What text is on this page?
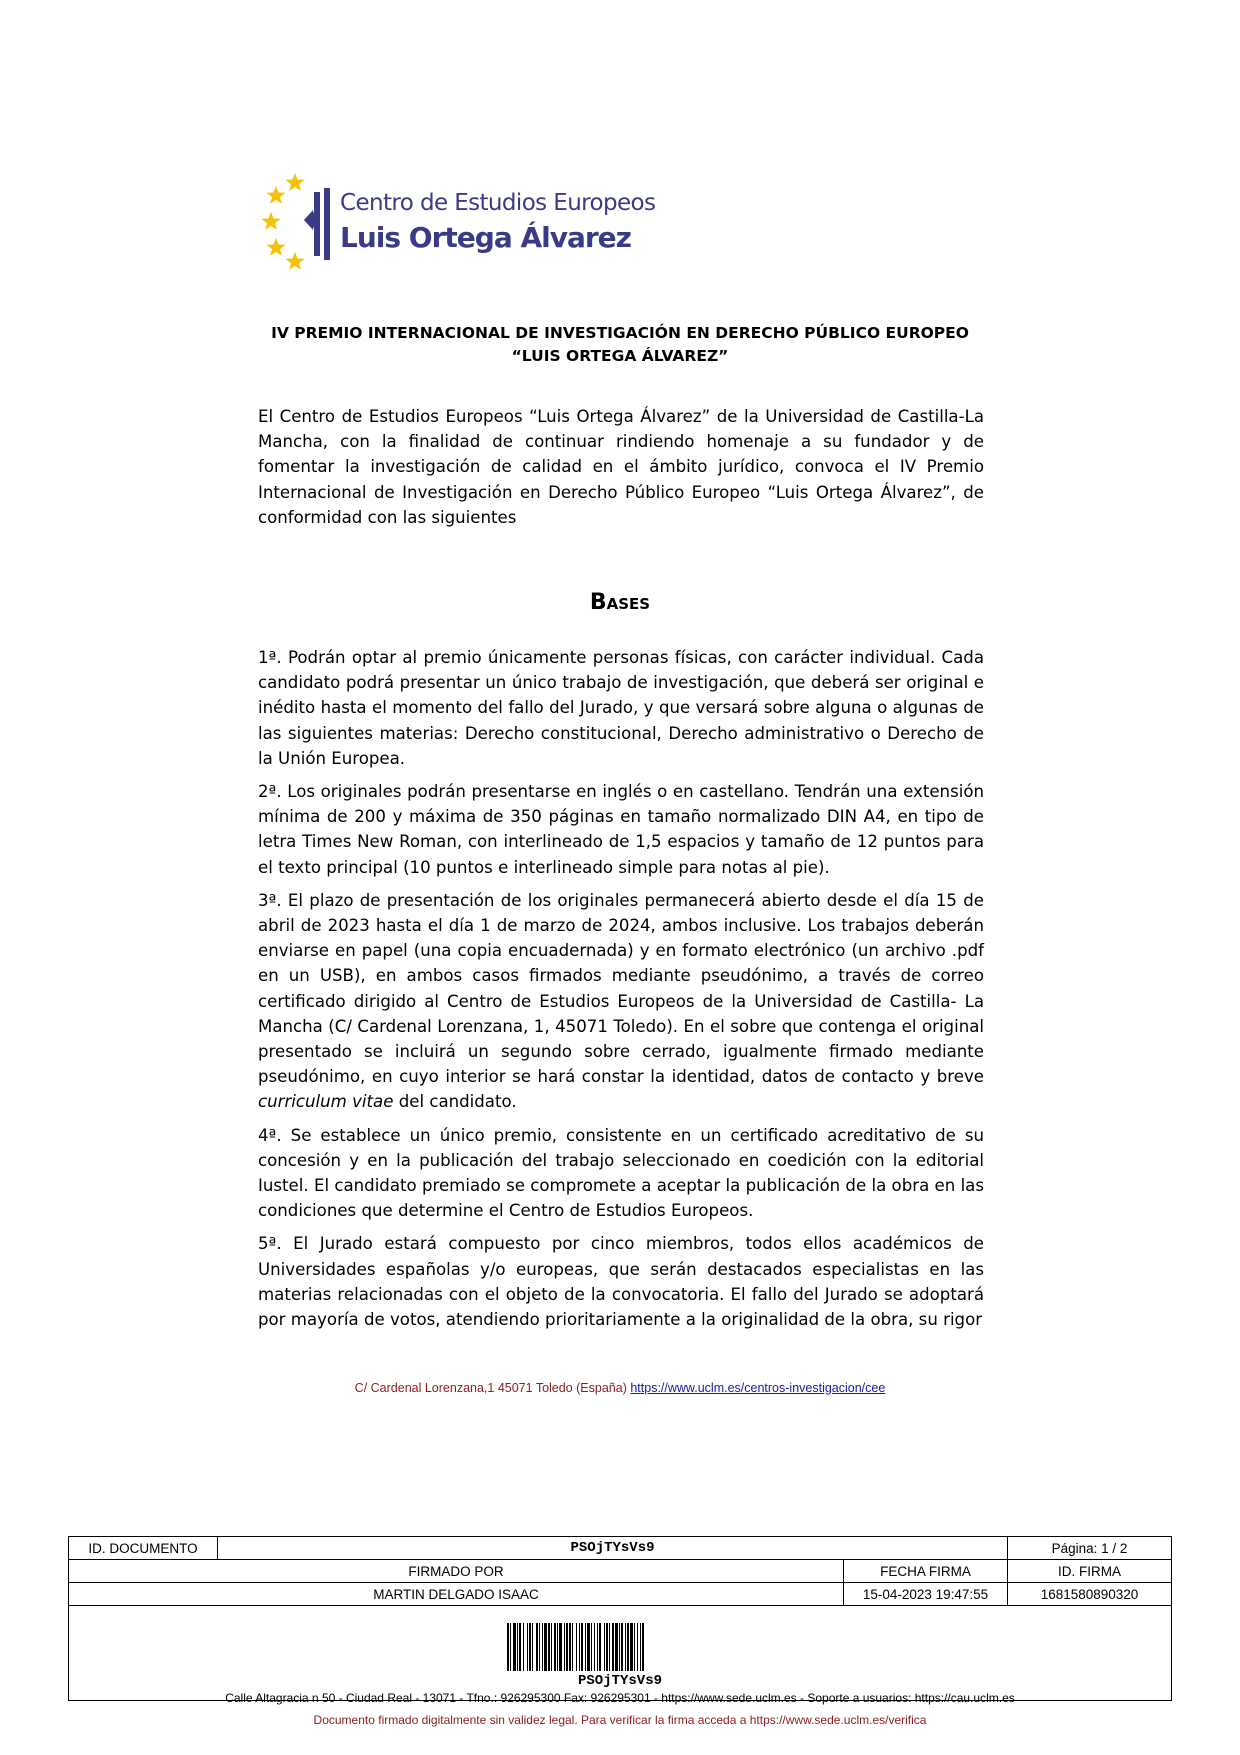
Centro de Estudios Europeos
Luis Ortega Álvarez
IV PREMIO INTERNACIONAL DE INVESTIGACIÓN EN DERECHO PÚBLICO EUROPEO
“LUIS ORTEGA ÁLVAREZ”

El Centro de Estudios Europeos “Luis Ortega Álvarez” de la Universidad de Castilla-La Mancha, con la finalidad de continuar rindiendo homenaje a su fundador y de fomentar la investigación de calidad en el ámbito jurídico, convoca el IV Premio Internacional de Investigación en Derecho Público Europeo “Luis Ortega Álvarez”, de conformidad con las siguientes

Bases

1ª. Podrán optar al premio únicamente personas físicas, con carácter individual. Cada candidato podrá presentar un único trabajo de investigación, que deberá ser original e inédito hasta el momento del fallo del Jurado, y que versará sobre alguna o algunas de las siguientes materias: Derecho constitucional, Derecho administrativo o Derecho de la Unión Europea.

2ª. Los originales podrán presentarse en inglés o en castellano. Tendrán una extensión mínima de 200 y máxima de 350 páginas en tamaño normalizado DIN A4, en tipo de letra Times New Roman, con interlineado de 1,5 espacios y tamaño de 12 puntos para el texto principal (10 puntos e interlineado simple para notas al pie).

3ª. El plazo de presentación de los originales permanecerá abierto desde el día 15 de abril de 2023 hasta el día 1 de marzo de 2024, ambos inclusive. Los trabajos deberán enviarse en papel (una copia encuadernada) y en formato electrónico (un archivo .pdf en un USB), en ambos casos firmados mediante pseudónimo, a través de correo certificado dirigido al Centro de Estudios Europeos de la Universidad de Castilla- La Mancha (C/ Cardenal Lorenzana, 1, 45071 Toledo). En el sobre que contenga el original presentado se incluirá un segundo sobre cerrado, igualmente firmado mediante pseudónimo, en cuyo interior se hará constar la identidad, datos de contacto y breve curriculum vitae del candidato.

4ª. Se establece un único premio, consistente en un certificado acreditativo de su concesión y en la publicación del trabajo seleccionado en coedición con la editorial Iustel. El candidato premiado se compromete a aceptar la publicación de la obra en las condiciones que determine el Centro de Estudios Europeos.

5ª. El Jurado estará compuesto por cinco miembros, todos ellos académicos de Universidades españolas y/o europeas, que serán destacados especialistas en las materias relacionadas con el objeto de la convocatoria. El fallo del Jurado se adoptará por mayoría de votos, atendiendo prioritariamente a la originalidad de la obra, su rigor

C/ Cardenal Lorenzana,1 45071 Toledo (España) https://www.uclm.es/centros-investigacion/cee
ID. DOCUMENTO	PSOjTYsVs9		Página: 1 / 2
FIRMADO POR		FECHA FIRMA	ID. FIRMA
MARTIN DELGADO ISAAC		15-04-2023 19:47:55	1681580890320

PSOjTYsVs9			
Calle Altagracia n 50 - Ciudad Real - 13071 - Tfno.: 926295300 Fax: 926295301 - https://www.sede.uclm.es - Soporte a usuarios: https://cau.uclm.es
Documento firmado digitalmente sin validez legal. Para verificar la firma acceda a https://www.sede.uclm.es/verifica
